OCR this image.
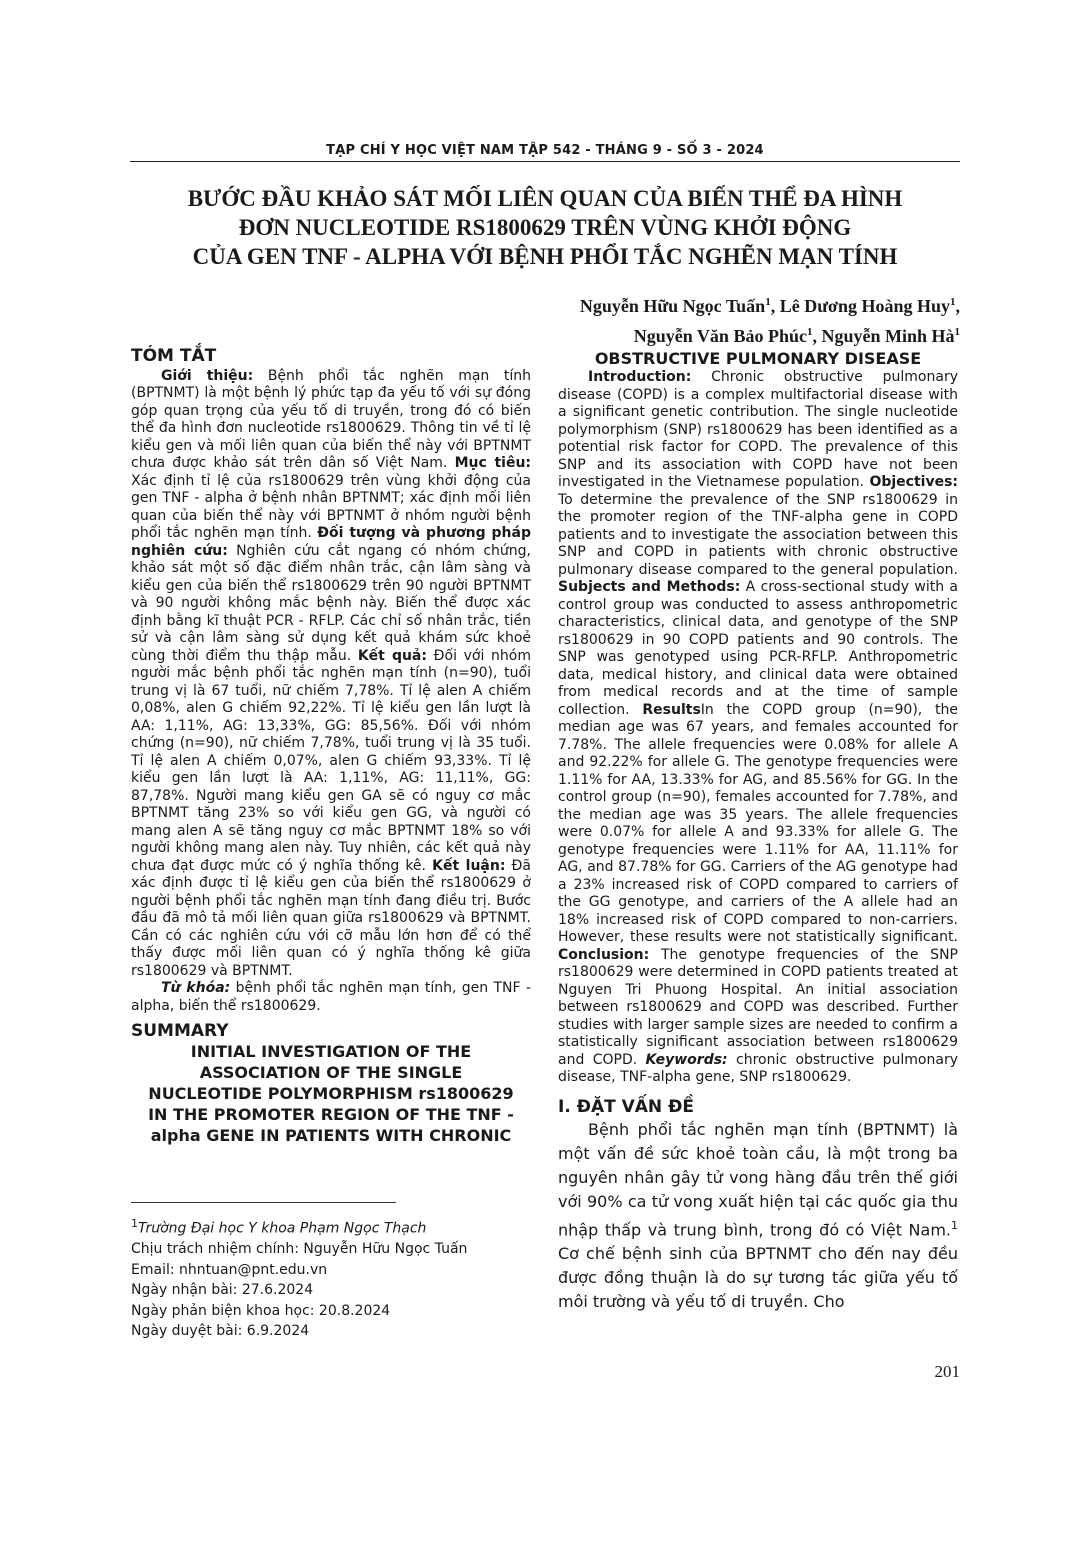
TẠP CHÍ Y HỌC VIỆT NAM TẬP 542 - THÁNG 9 - SỐ 3 - 2024
BƯỚC ĐẦU KHẢO SÁT MỐI LIÊN QUAN CỦA BIẾN THỂ ĐA HÌNH
ĐƠN NUCLEOTIDE RS1800629 TRÊN VÙNG KHỞI ĐỘNG
CỦA GEN TNF - ALPHA VỚI BỆNH PHỔI TẮC NGHẼN MẠN TÍNH
Nguyễn Hữu Ngọc Tuấn$^1$, Lê Dương Hoàng Huy$^1$,
Nguyễn Văn Bảo Phúc$^1$, Nguyễn Minh $Hà^1$
TÓM TẮT

Giới thiệu: Bệnh phổi tắc nghẽn mạn tính (BPTNMT) là một bệnh lý phức tạp đa yếu tố với sự đóng góp quan trọng của yếu tố di truyền, trong đó có biến thể đa hình đơn nucleotide rs1800629. Thông tin về tỉ lệ kiểu gen và mối liên quan của biến thể này với BPTNMT chưa được khảo sát trên dân số Việt Nam. Mục tiêu: Xác định tỉ lệ của rs1800629 trên vùng khởi động của gen TNF - alpha ở bệnh nhân BPTNMT; xác định mối liên quan của biến thể này với BPTNMT ở nhóm người bệnh phổi tắc nghẽn mạn tính. Đối tượng và phương pháp nghiên cứu: Nghiên cứu cắt ngang có nhóm chứng, khảo sát một số đặc điểm nhân trắc, cận lâm sàng và kiểu gen của biến thể rs1800629 trên 90 người BPTNMT và 90 người không mắc bệnh này. Biến thể được xác định bằng kĩ thuật PCR - RFLP. Các chỉ số nhân trắc, tiền sử và cận lâm sàng sử dụng kết quả khám sức khoẻ cùng thời điểm thu thập mẫu. Kết quả: Đối với nhóm người mắc bệnh phổi tắc nghẽn mạn tính (n=90), tuổi trung vị là 67 tuổi, nữ chiếm 7,78%. Tỉ lệ alen A chiếm 0,08%, alen G chiếm 92,22%. Tỉ lệ kiểu gen lần lượt là AA: 1,11%, AG: 13,33%, GG: 85,56%. Đối với nhóm chứng (n=90), nữ chiếm 7,78%, tuổi trung vị là 35 tuổi. Tỉ lệ alen A chiếm 0,07%, alen G chiếm 93,33%. Tỉ lệ kiểu gen lần lượt là AA: 1,11%, AG: 11,11%, GG: 87,78%. Người mang kiểu gen GA sẽ có nguy cơ mắc BPTNMT tăng 23% so với kiểu gen GG, và người có mang alen A sẽ tăng nguy cơ mắc BPTNMT 18% so với người không mang alen này. Tuy nhiên, các kết quả này chưa đạt được mức có ý nghĩa thống kê. Kết luận: Đã xác định được tỉ lệ kiểu gen của biến thể rs1800629 ở người bệnh phổi tắc nghẽn mạn tính đang điều trị. Bước đầu đã mô tả mối liên quan giữa rs1800629 và BPTNMT. Cần có các nghiên cứu với cỡ mẫu lớn hơn để có thể thấy được mối liên quan có ý nghĩa thống kê giữa rs1800629 và BPTNMT.

Từ khóa: bệnh phổi tắc nghẽn mạn tính, gen TNF - alpha, biến thể rs1800629.

SUMMARY
INITIAL INVESTIGATION OF THE
ASSOCIATION OF THE SINGLE
NUCLEOTIDE POLYMORPHISM rs1800629
IN THE PROMOTER REGION OF THE TNF -
alpha GENE IN PATIENTS WITH CHRONIC
$^1$Trường Đại học Y khoa Phạm Ngọc Thạch
Chịu trách nhiệm chính: Nguyễn Hữu Ngọc Tuấn
Email: nhntuan@pnt.edu.vn
Ngày nhận bài: 27.6.2024
Ngày phản biện khoa học: 20.8.2024
Ngày duyệt bài: 6.9.2024
OBSTRUCTIVE PULMONARY DISEASE

Introduction: Chronic obstructive pulmonary disease (COPD) is a complex multifactorial disease with a significant genetic contribution. The single nucleotide polymorphism (SNP) rs1800629 has been identified as a potential risk factor for COPD. The prevalence of this SNP and its association with COPD have not been investigated in the Vietnamese population. Objectives: To determine the prevalence of the SNP rs1800629 in the promoter region of the TNF-alpha gene in COPD patients and to investigate the association between this SNP and COPD in patients with chronic obstructive pulmonary disease compared to the general population. Subjects and Methods: A cross-sectional study with a control group was conducted to assess anthropometric characteristics, clinical data, and genotype of the SNP rs1800629 in 90 COPD patients and 90 controls. The SNP was genotyped using PCR-RFLP. Anthropometric data, medical history, and clinical data were obtained from medical records and at the time of sample collection. ResultsIn the COPD group (n=90), the median age was 67 years, and females accounted for 7.78%. The allele frequencies were 0.08% for allele A and 92.22% for allele G. The genotype frequencies were 1.11% for AA, 13.33% for AG, and 85.56% for GG. In the control group (n=90), females accounted for 7.78%, and the median age was 35 years. The allele frequencies were 0.07% for allele A and 93.33% for allele G. The genotype frequencies were 1.11% for AA, 11.11% for AG, and 87.78% for GG. Carriers of the AG genotype had a 23% increased risk of COPD compared to carriers of the GG genotype, and carriers of the A allele had an 18% increased risk of COPD compared to non-carriers. However, these results were not statistically significant. Conclusion: The genotype frequencies of the SNP rs1800629 were determined in COPD patients treated at Nguyen Tri Phuong Hospital. An initial association between rs1800629 and COPD was described. Further studies with larger sample sizes are needed to confirm a statistically significant association between rs1800629 and COPD. Keywords: chronic obstructive pulmonary disease, TNF-alpha gene, SNP rs1800629.

I. ĐẶT VẤN ĐỀ

Bệnh phổi tắc nghẽn mạn tính (BPTNMT) là một vấn đề sức khoẻ toàn cầu, là một trong ba nguyên nhân gây tử vong hàng đầu trên thế giới với 90% ca tử vong xuất hiện tại các quốc gia thu nhập thấp và trung bình, trong đó có Việt Nam.$^1$ Cơ chế bệnh sinh của BPTNMT cho đến nay đều được đồng thuận là do sự tương tác giữa yếu tố môi trường và yếu tố di truyền. Cho

201
